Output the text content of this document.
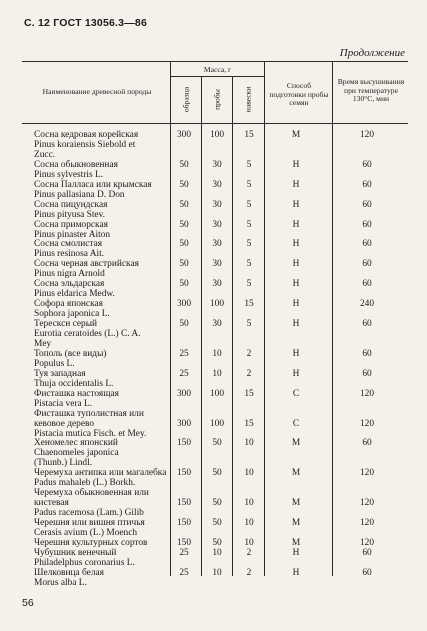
С. 12 ГОСТ 13056.3—86
Продолжение
Наименование древесной породы
Масса, г
образца	пробы	навески
Способ подготовки пробы семян
Время высушивания при температуре 130°С, мин
Сосна кедровая корейская	300	100	15	М	120
Pinus koraiensis Siebold et
Zucc.
Сосна обыкновенная	50	30	5	Н	60
Pinus sylvestris L.
Сосна Палласа или крымская	50	30	5	Н	60
Pinus pallasiana D. Don
Сосна пицундская	50	30	5	Н	60
Pinus pityusa Stev.
Сосна приморская	50	30	5	Н	60
Pinus pinaster Aiton
Сосна смолистая	50	30	5	Н	60
Pinus resinosa Ait.
Сосна черная австрийская	50	30	5	Н	60
Pinus nigra Arnold
Сосна эльдарская	50	30	5	Н	60
Pinus eldarica Medw.
Софора японская	300	100	15	Н	240
Sophora japonica L.
Тересксн серый	50	30	5	Н	60
Eurotia ceratoides (L.) C. A.
Mey
Тополь (все виды)	25	10	2	Н	60
Populus L.
Туя западная	25	10	2	Н	60
Thuja occidentalis L.
Фисташка настоящая	300	100	15	С	120
Pistacia vera L.
Фисташка туполистная или
кевовое дерево	300	100	15	С	120
Pistacia mutica Fisch. et Mey.
Хеномелес японский	150	50	10	М	60
Chaenomeles japonica
(Thunb.) Lindl.
Черемуха антипка или магалебка	150	50	10	М	120
Padus mahaleb (L.) Borkh.
Черемуха обыкновенная или
кистевая	150	50	10	М	120
Padus racemosa (Lam.) Gilib
Черешня или вишня птичья	150	50	10	М	120
Cerasis avium (L.) Moench
Черешня культурных сортов	150	50	10	М	120
Чубушник венечный	25	10	2	Н	60
Philadelphus coronarius L.
Шелковица белая	25	10	2	Н	60
Morus alba L.
56
